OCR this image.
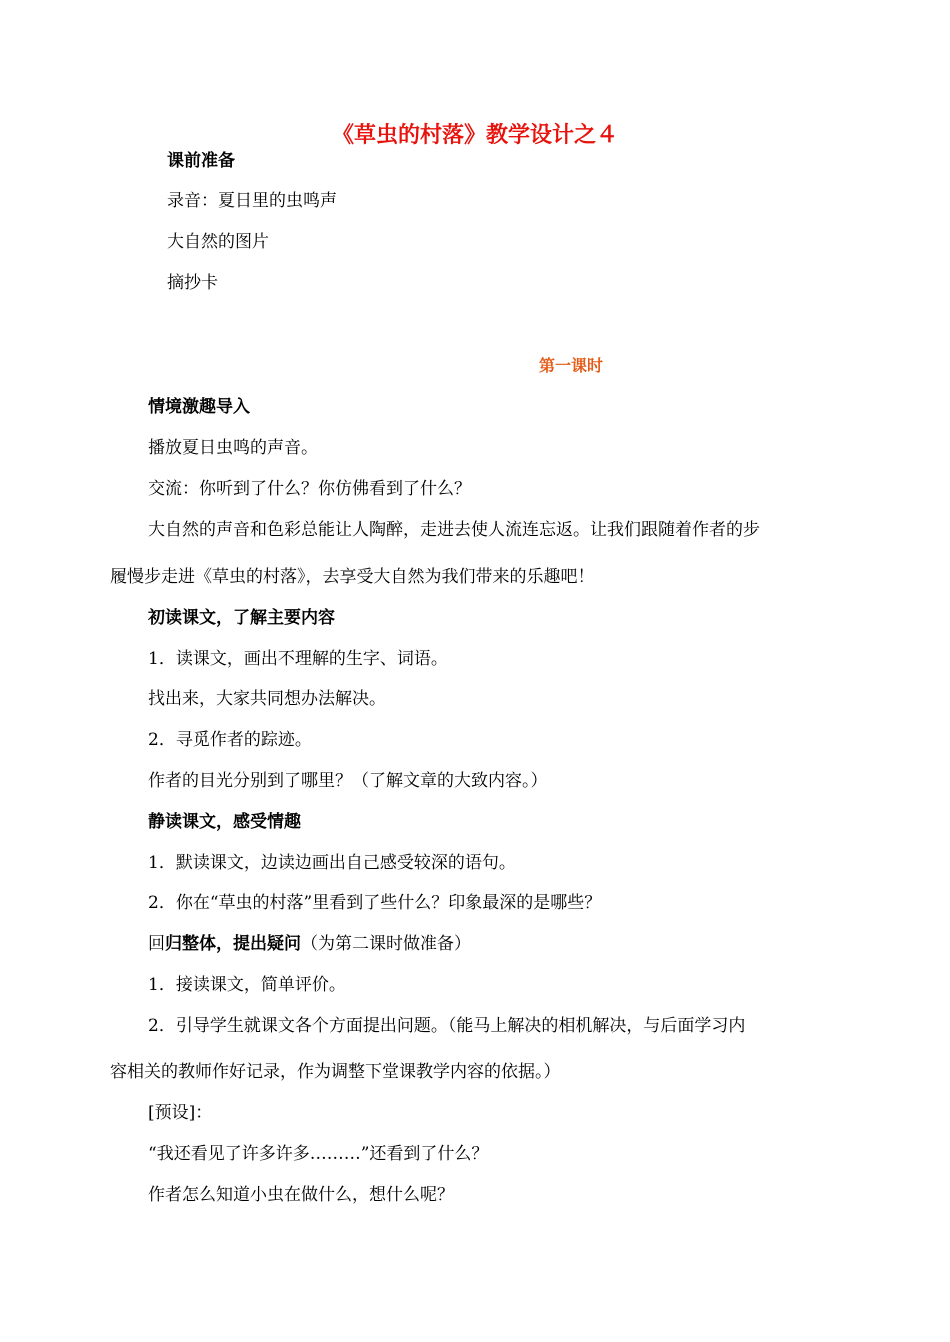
《草虫的村落》教学设计之４
课前准备
录音：夏日里的虫鸣声
大自然的图片
摘抄卡
第一课时
情境激趣导入
播放夏日虫鸣的声音。
交流：你听到了什么？你仿佛看到了什么？
大自然的声音和色彩总能让人陶醉，走进去使人流连忘返。让我们跟随着作者的步
履慢步走进《草虫的村落》，去享受大自然为我们带来的乐趣吧！
初读课文，了解主要内容
1．读课文，画出不理解的生字、词语。
找出来，大家共同想办法解决。
2．寻觅作者的踪迹。
作者的目光分别到了哪里？（了解文章的大致内容。）
静读课文，感受情趣
1．默读课文，边读边画出自己感受较深的语句。
2．你在“草虫的村落”里看到了些什么？印象最深的是哪些？
回归整体，提出疑问（为第二课时做准备）
1．接读课文，简单评价。
2．引导学生就课文各个方面提出问题。（能马上解决的相机解决，与后面学习内
容相关的教师作好记录，作为调整下堂课教学内容的依据。）
[预设]：
“我还看见了许多许多………”还看到了什么？
作者怎么知道小虫在做什么，想什么呢？
